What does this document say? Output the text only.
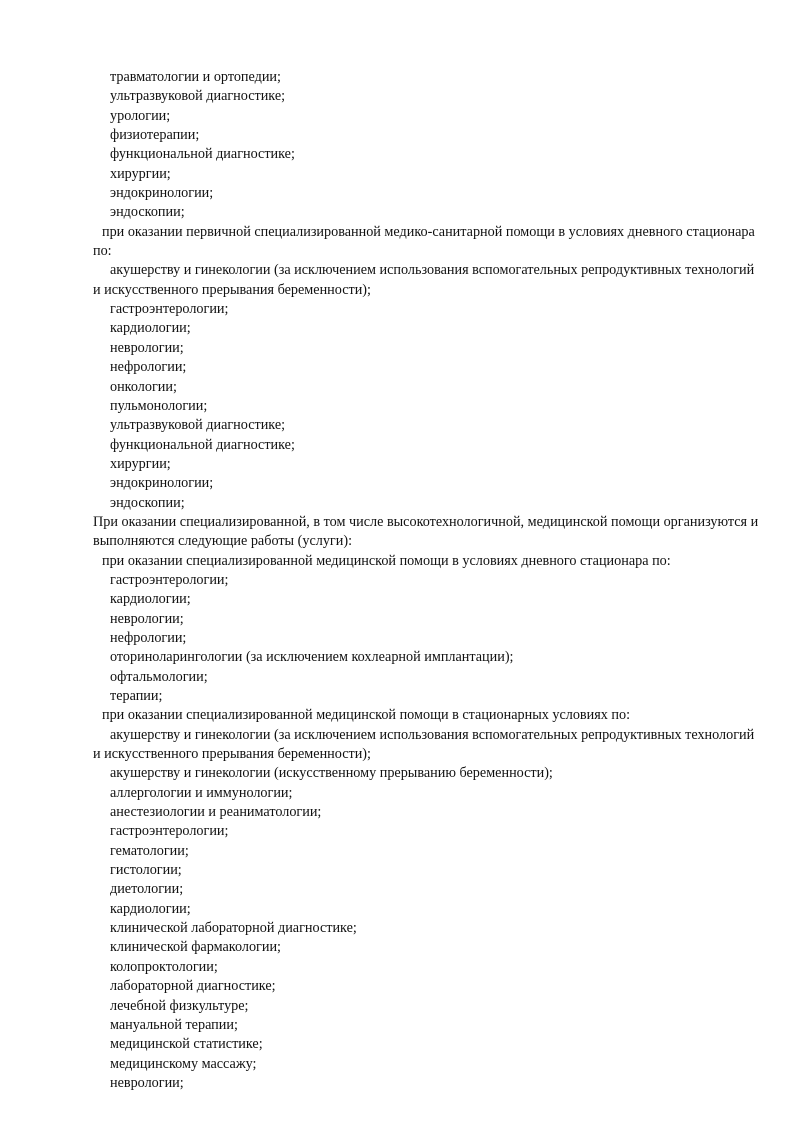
травматологии и ортопедии;
ультразвуковой диагностике;
урологии;
физиотерапии;
функциональной диагностике;
хирургии;
эндокринологии;
эндоскопии;
при оказании первичной специализированной медико-санитарной помощи в условиях дневного стационара по:
акушерству и гинекологии (за исключением использования вспомогательных репродуктивных технологий и искусственного прерывания беременности);
гастроэнтерологии;
кардиологии;
неврологии;
нефрологии;
онкологии;
пульмонологии;
ультразвуковой диагностике;
функциональной диагностике;
хирургии;
эндокринологии;
эндоскопии;
При оказании специализированной, в том числе высокотехнологичной, медицинской помощи организуются и выполняются следующие работы (услуги):
при оказании специализированной медицинской помощи в условиях дневного стационара по:
гастроэнтерологии;
кардиологии;
неврологии;
нефрологии;
оториноларингологии (за исключением кохлеарной имплантации);
офтальмологии;
терапии;
при оказании специализированной медицинской помощи в стационарных условиях по:
акушерству и гинекологии (за исключением использования вспомогательных репродуктивных технологий и искусственного прерывания беременности);
акушерству и гинекологии (искусственному прерыванию беременности);
аллергологии и иммунологии;
анестезиологии и реаниматологии;
гастроэнтерологии;
гематологии;
гистологии;
диетологии;
кардиологии;
клинической лабораторной диагностике;
клинической фармакологии;
колопроктологии;
лабораторной диагностике;
лечебной физкультуре;
мануальной терапии;
медицинской статистике;
медицинскому массажу;
неврологии;
